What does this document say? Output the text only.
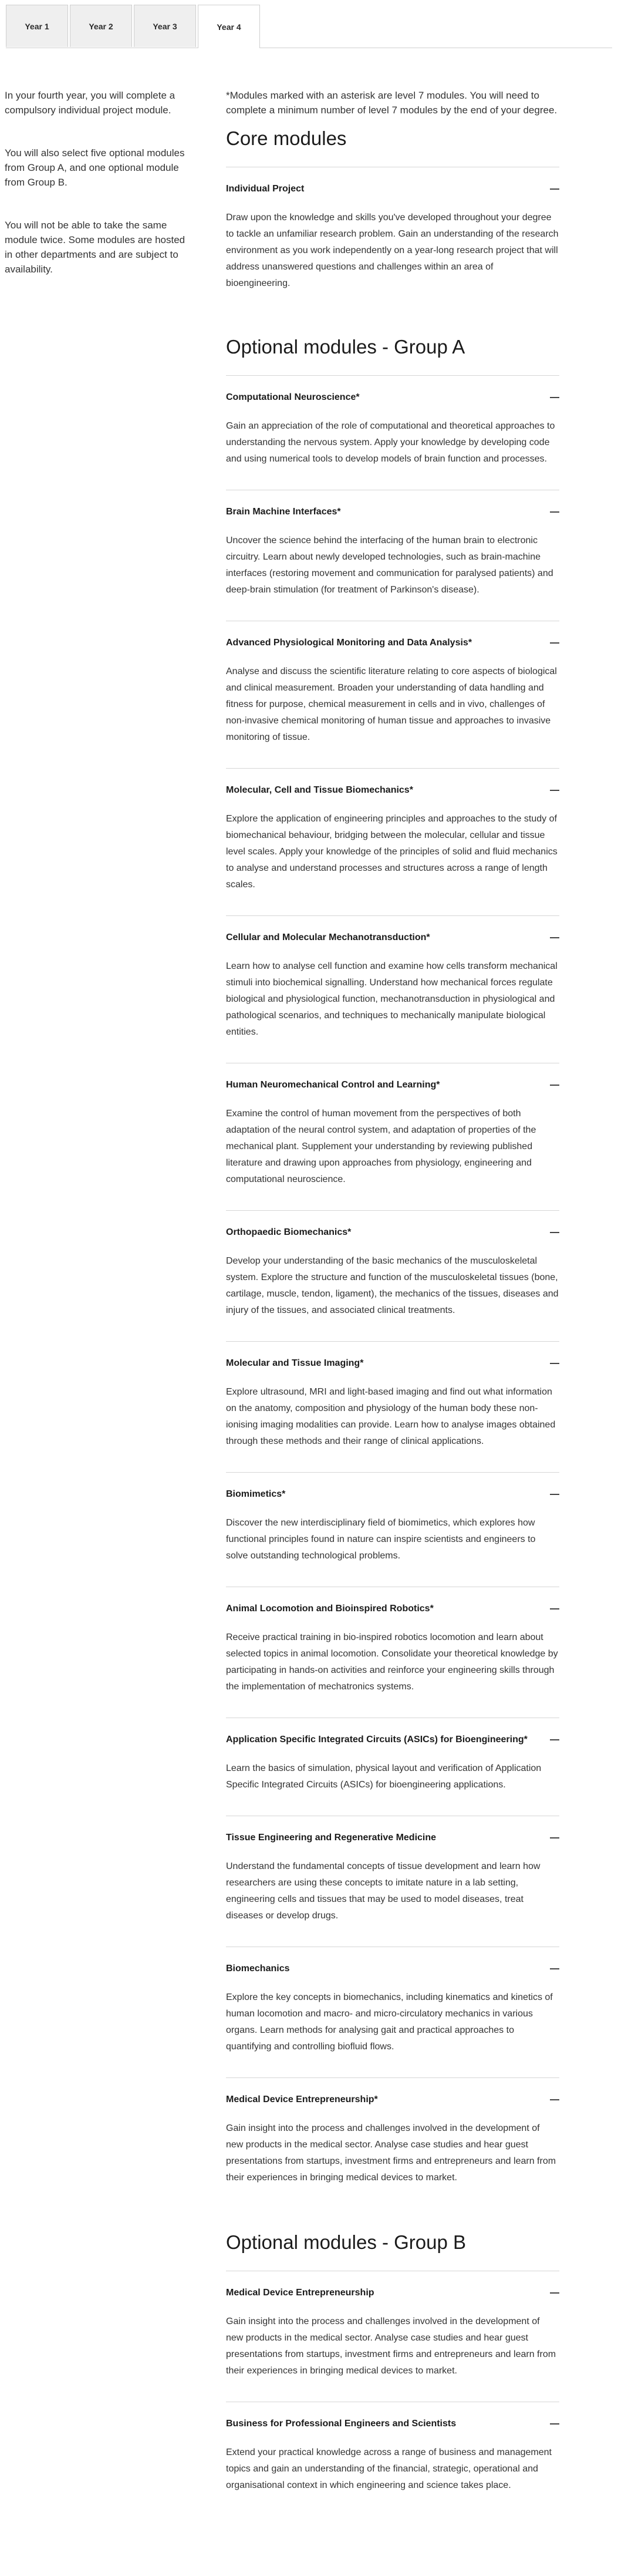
Year 1	Year 2	Year 3	Year 4

In your fourth year, you will complete a compulsory individual project module.

You will also select five optional modules from Group A, and one optional module from Group B.

You will not be able to take the same module twice. Some modules are hosted in other departments and are subject to availability.

*Modules marked with an asterisk are level 7 modules. You will need to complete a minimum number of level 7 modules by the end of your degree.

Core modules
Individual Project

Draw upon the knowledge and skills you've developed throughout your degree to tackle an unfamiliar research problem. Gain an understanding of the research environment as you work independently on a year-long research project that will address unanswered questions and challenges within an area of bioengineering.

Optional modules - Group A
Computational Neuroscience*

Gain an appreciation of the role of computational and theoretical approaches to understanding the nervous system. Apply your knowledge by developing code and using numerical tools to develop models of brain function and processes.

Brain Machine Interfaces*

Uncover the science behind the interfacing of the human brain to electronic circuitry. Learn about newly developed technologies, such as brain-machine interfaces (restoring movement and communication for paralysed patients) and deep-brain stimulation (for treatment of Parkinson's disease).

Advanced Physiological Monitoring and Data Analysis*

Analyse and discuss the scientific literature relating to core aspects of biological and clinical measurement. Broaden your understanding of data handling and fitness for purpose, chemical measurement in cells and in vivo, challenges of non-invasive chemical monitoring of human tissue and approaches to invasive monitoring of tissue.

Molecular, Cell and Tissue Biomechanics*

Explore the application of engineering principles and approaches to the study of biomechanical behaviour, bridging between the molecular, cellular and tissue level scales. Apply your knowledge of the principles of solid and fluid mechanics to analyse and understand processes and structures across a range of length scales.

Cellular and Molecular Mechanotransduction*

Learn how to analyse cell function and examine how cells transform mechanical stimuli into biochemical signalling. Understand how mechanical forces regulate biological and physiological function, mechanotransduction in physiological and pathological scenarios, and techniques to mechanically manipulate biological entities.

Human Neuromechanical Control and Learning*

Examine the control of human movement from the perspectives of both adaptation of the neural control system, and adaptation of properties of the mechanical plant. Supplement your understanding by reviewing published literature and drawing upon approaches from physiology, engineering and computational neuroscience.

Orthopaedic Biomechanics*

Develop your understanding of the basic mechanics of the musculoskeletal system. Explore the structure and function of the musculoskeletal tissues (bone, cartilage, muscle, tendon, ligament), the mechanics of the tissues, diseases and injury of the tissues, and associated clinical treatments.

Molecular and Tissue Imaging*

Explore ultrasound, MRI and light-based imaging and find out what information on the anatomy, composition and physiology of the human body these non-ionising imaging modalities can provide. Learn how to analyse images obtained through these methods and their range of clinical applications.

Biomimetics*

Discover the new interdisciplinary field of biomimetics, which explores how functional principles found in nature can inspire scientists and engineers to solve outstanding technological problems.

Animal Locomotion and Bioinspired Robotics*

Receive practical training in bio-inspired robotics locomotion and learn about selected topics in animal locomotion. Consolidate your theoretical knowledge by participating in hands-on activities and reinforce your engineering skills through the implementation of mechatronics systems.

Application Specific Integrated Circuits (ASICs) for Bioengineering*

Learn the basics of simulation, physical layout and verification of Application Specific Integrated Circuits (ASICs) for bioengineering applications.

Tissue Engineering and Regenerative Medicine

Understand the fundamental concepts of tissue development and learn how researchers are using these concepts to imitate nature in a lab setting, engineering cells and tissues that may be used to model diseases, treat diseases or develop drugs.

Biomechanics

Explore the key concepts in biomechanics, including kinematics and kinetics of human locomotion and macro- and micro-circulatory mechanics in various organs. Learn methods for analysing gait and practical approaches to quantifying and controlling biofluid flows.

Medical Device Entrepreneurship*

Gain insight into the process and challenges involved in the development of new products in the medical sector. Analyse case studies and hear guest presentations from startups, investment firms and entrepreneurs and learn from their experiences in bringing medical devices to market.

Optional modules - Group B
Medical Device Entrepreneurship

Gain insight into the process and challenges involved in the development of new products in the medical sector. Analyse case studies and hear guest presentations from startups, investment firms and entrepreneurs and learn from their experiences in bringing medical devices to market.

Business for Professional Engineers and Scientists

Extend your practical knowledge across a range of business and management topics and gain an understanding of the financial, strategic, operational and organisational context in which engineering and science takes place.
